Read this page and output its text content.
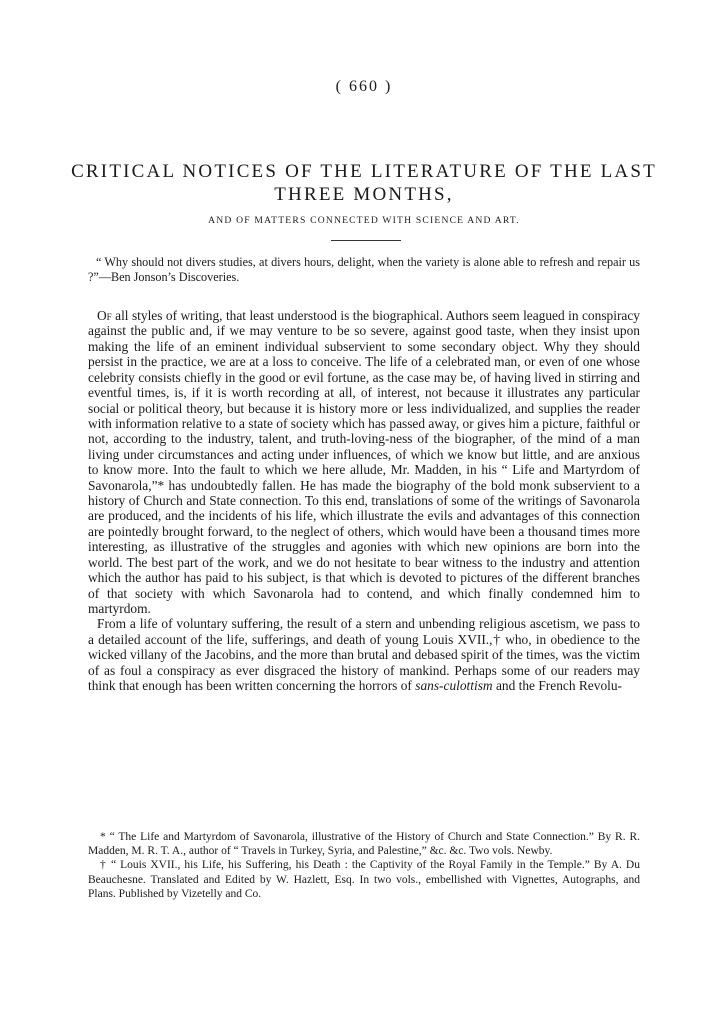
( 660 )
CRITICAL NOTICES OF THE LITERATURE OF THE LAST
THREE MONTHS,
AND OF MATTERS CONNECTED WITH SCIENCE AND ART.

“ Why should not divers studies, at divers hours, delight, when the variety is alone able to refresh and repair us ?”—Ben Jonson’s Discoveries.

Of all styles of writing, that least understood is the biographical. Authors seem leagued in conspiracy against the public and, if we may venture to be so severe, against good taste, when they insist upon making the life of an eminent individual subservient to some secondary object. Why they should persist in the practice, we are at a loss to conceive. The life of a celebrated man, or even of one whose celebrity consists chiefly in the good or evil fortune, as the case may be, of having lived in stirring and eventful times, is, if it is worth recording at all, of interest, not because it illustrates any particular social or political theory, but because it is history more or less individualized, and supplies the reader with information relative to a state of society which has passed away, or gives him a picture, faithful or not, according to the industry, talent, and truth-loving-ness of the biographer, of the mind of a man living under circumstances and acting under influences, of which we know but little, and are anxious to know more. Into the fault to which we here allude, Mr. Madden, in his “ Life and Martyrdom of Savonarola,”* has undoubtedly fallen. He has made the biography of the bold monk subservient to a history of Church and State connection. To this end, translations of some of the writings of Savonarola are produced, and the incidents of his life, which illustrate the evils and advantages of this connection are pointedly brought forward, to the neglect of others, which would have been a thousand times more interesting, as illustrative of the struggles and agonies with which new opinions are born into the world. The best part of the work, and we do not hesitate to bear witness to the industry and attention which the author has paid to his subject, is that which is devoted to pictures of the different branches of that society with which Savonarola had to contend, and which finally condemned him to martyrdom.

From a life of voluntary suffering, the result of a stern and unbending religious ascetism, we pass to a detailed account of the life, sufferings, and death of young Louis XVII.,† who, in obedience to the wicked villany of the Jacobins, and the more than brutal and debased spirit of the times, was the victim of as foul a conspiracy as ever disgraced the history of mankind. Perhaps some of our readers may think that enough has been written concerning the horrors of sans-culottism and the French Revolu-

* “ The Life and Martyrdom of Savonarola, illustrative of the History of Church and State Connection.” By R. R. Madden, M. R. T. A., author of “ Travels in Turkey, Syria, and Palestine,” &c. &c. Two vols. Newby.

† “ Louis XVII., his Life, his Suffering, his Death : the Captivity of the Royal Family in the Temple.” By A. Du Beauchesne. Translated and Edited by W. Hazlett, Esq. In two vols., embellished with Vignettes, Autographs, and Plans. Published by Vizetelly and Co.
